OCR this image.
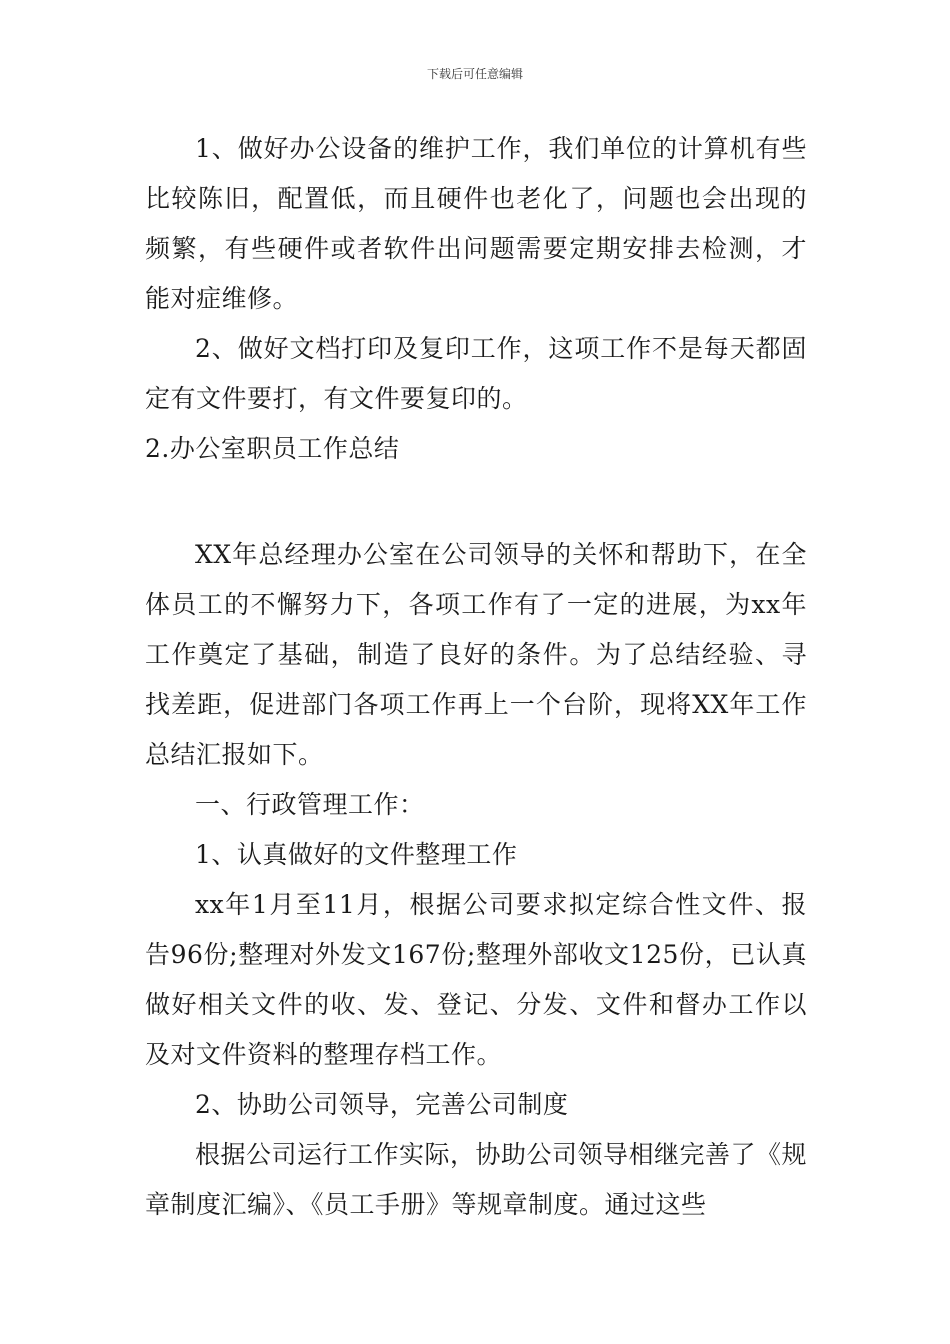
下载后可任意编辑

1、做好办公设备的维护工作，我们单位的计算机有些比较陈旧，配置低，而且硬件也老化了，问题也会出现的频繁，有些硬件或者软件出问题需要定期安排去检测，才能对症维修。

2、做好文档打印及复印工作，这项工作不是每天都固定有文件要打，有文件要复印的。

2.办公室职员工作总结

XX年总经理办公室在公司领导的关怀和帮助下，在全体员工的不懈努力下，各项工作有了一定的进展，为xx年工作奠定了基础，制造了良好的条件。为了总结经验、寻找差距，促进部门各项工作再上一个台阶，现将XX年工作总结汇报如下。

一、行政管理工作：

1、认真做好的文件整理工作

xx年1月至11月，根据公司要求拟定综合性文件、报告96份;整理对外发文167份;整理外部收文125份，已认真做好相关文件的收、发、登记、分发、文件和督办工作以及对文件资料的整理存档工作。

2、协助公司领导，完善公司制度

根据公司运行工作实际，协助公司领导相继完善了《规章制度汇编》、《员工手册》等规章制度。通过这些
